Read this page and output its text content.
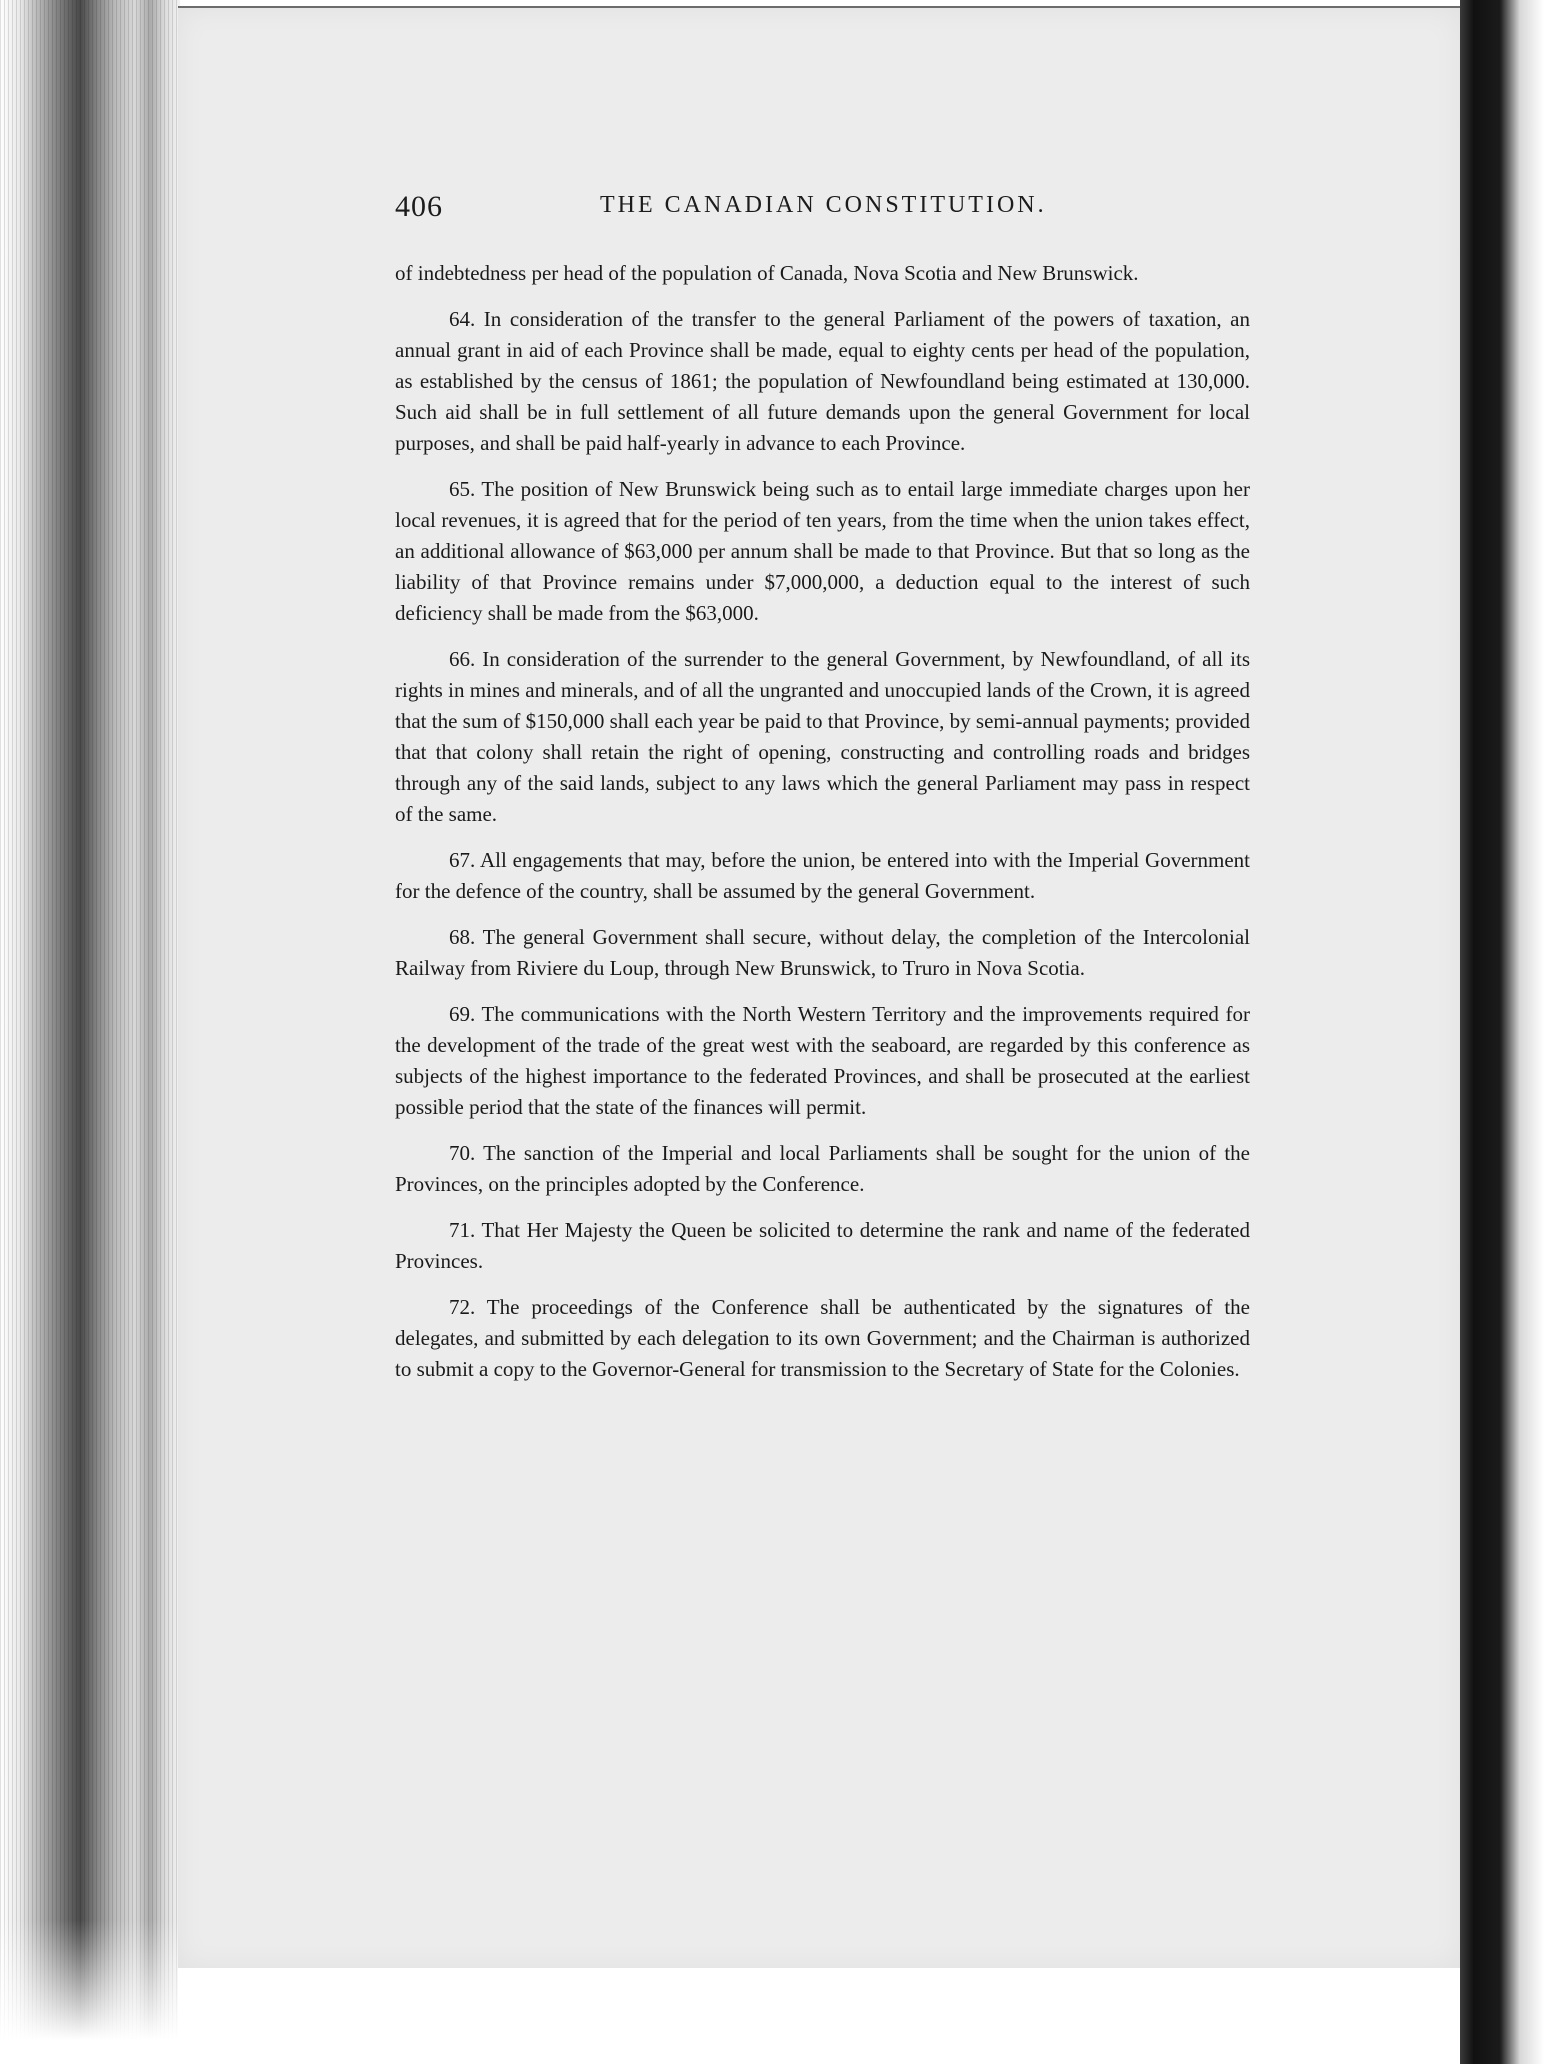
406	THE CANADIAN CONSTITUTION.

of indebtedness per head of the population of Canada, Nova Scotia and New Brunswick.

64. In consideration of the transfer to the general Parliament of the powers of taxation, an annual grant in aid of each Province shall be made, equal to eighty cents per head of the population, as established by the census of 1861; the population of Newfoundland being estimated at 130,000. Such aid shall be in full settlement of all future demands upon the general Government for local purposes, and shall be paid half-yearly in advance to each Province.

65. The position of New Brunswick being such as to entail large immediate charges upon her local revenues, it is agreed that for the period of ten years, from the time when the union takes effect, an additional allowance of $63,000 per annum shall be made to that Province. But that so long as the liability of that Province remains under $7,000,000, a deduction equal to the interest of such deficiency shall be made from the $63,000.

66. In consideration of the surrender to the general Government, by Newfoundland, of all its rights in mines and minerals, and of all the ungranted and unoccupied lands of the Crown, it is agreed that the sum of $150,000 shall each year be paid to that Province, by semi-annual payments; provided that that colony shall retain the right of opening, constructing and controlling roads and bridges through any of the said lands, subject to any laws which the general Parliament may pass in respect of the same.

67. All engagements that may, before the union, be entered into with the Imperial Government for the defence of the country, shall be assumed by the general Government.

68. The general Government shall secure, without delay, the completion of the Intercolonial Railway from Riviere du Loup, through New Brunswick, to Truro in Nova Scotia.

69. The communications with the North Western Territory and the improvements required for the development of the trade of the great west with the seaboard, are regarded by this conference as subjects of the highest importance to the federated Provinces, and shall be prosecuted at the earliest possible period that the state of the finances will permit.

70. The sanction of the Imperial and local Parliaments shall be sought for the union of the Provinces, on the principles adopted by the Conference.

71. That Her Majesty the Queen be solicited to determine the rank and name of the federated Provinces.

72. The proceedings of the Conference shall be authenticated by the signatures of the delegates, and submitted by each delegation to its own Government; and the Chairman is authorized to submit a copy to the Governor-General for transmission to the Secretary of State for the Colonies.
